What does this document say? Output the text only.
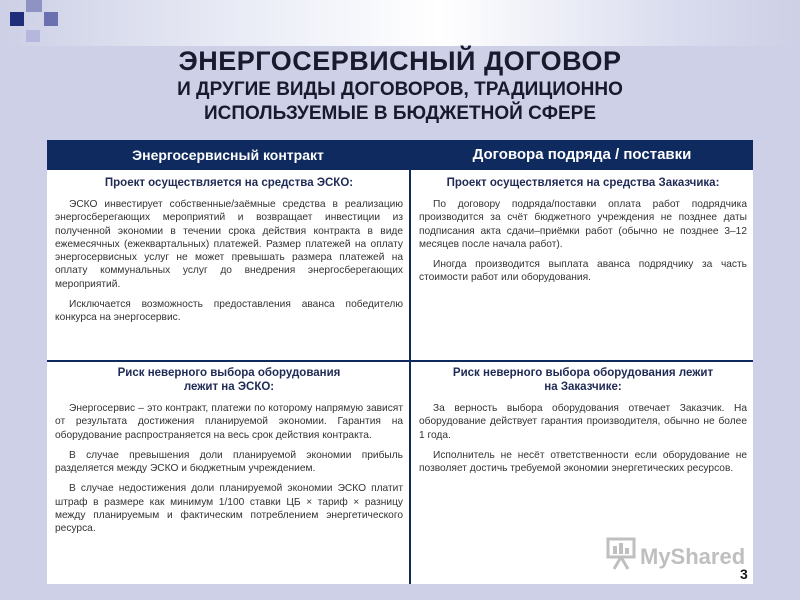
ЭНЕРГОСЕРВИСНЫЙ ДОГОВОР
И ДРУГИЕ ВИДЫ ДОГОВОРОВ, ТРАДИЦИОННО
ИСПОЛЬЗУЕМЫЕ В БЮДЖЕТНОЙ СФЕРЕ
Энергосервисный контракт	Договора подряда / поставки
Проект осуществляется на средства ЭСКО:

ЭСКО инвестирует собственные/заёмные средства в реализацию энергосберегающих мероприятий и возвращает инвестиции из полученной экономии в течении срока действия контракта в виде ежемесячных (ежеквартальных) платежей. Размер платежей на оплату энергосервисных услуг не может превышать размера платежей на оплату коммунальных услуг до внедрения энергосберегающих мероприятий.

Исключается возможность предоставления аванса победителю конкурса на энергосервис.

Проект осуществляется на средства Заказчика:

По договору подряда/поставки оплата работ подрядчика производится за счёт бюджетного учреждения не позднее даты подписания акта сдачи–приёмки работ (обычно не позднее 3–12 месяцев после начала работ).

Иногда производится выплата аванса подрядчику за часть стоимости работ или оборудования.

Риск неверного выбора оборудования
лежит на ЭСКО:

Энергосервис – это контракт, платежи по которому напрямую зависят от результата достижения планируемой экономии. Гарантия на оборудование распространяется на весь срок действия контракта.

В случае превышения доли планируемой экономии прибыль разделяется между ЭСКО и бюджетным учреждением.

В случае недостижения доли планируемой экономии ЭСКО платит штраф в размере как минимум 1/100 ставки ЦБ × тариф × разницу между планируемым и фактическим потреблением энергетического ресурса.

Риск неверного выбора оборудования лежит
на Заказчике:

За верность выбора оборудования отвечает Заказчик. На оборудование действует гарантия производителя, обычно не более 1 года.

Исполнитель не несёт ответственности если оборудование не позволяет достичь требуемой экономии энергетических ресурсов.

MyShared
3
